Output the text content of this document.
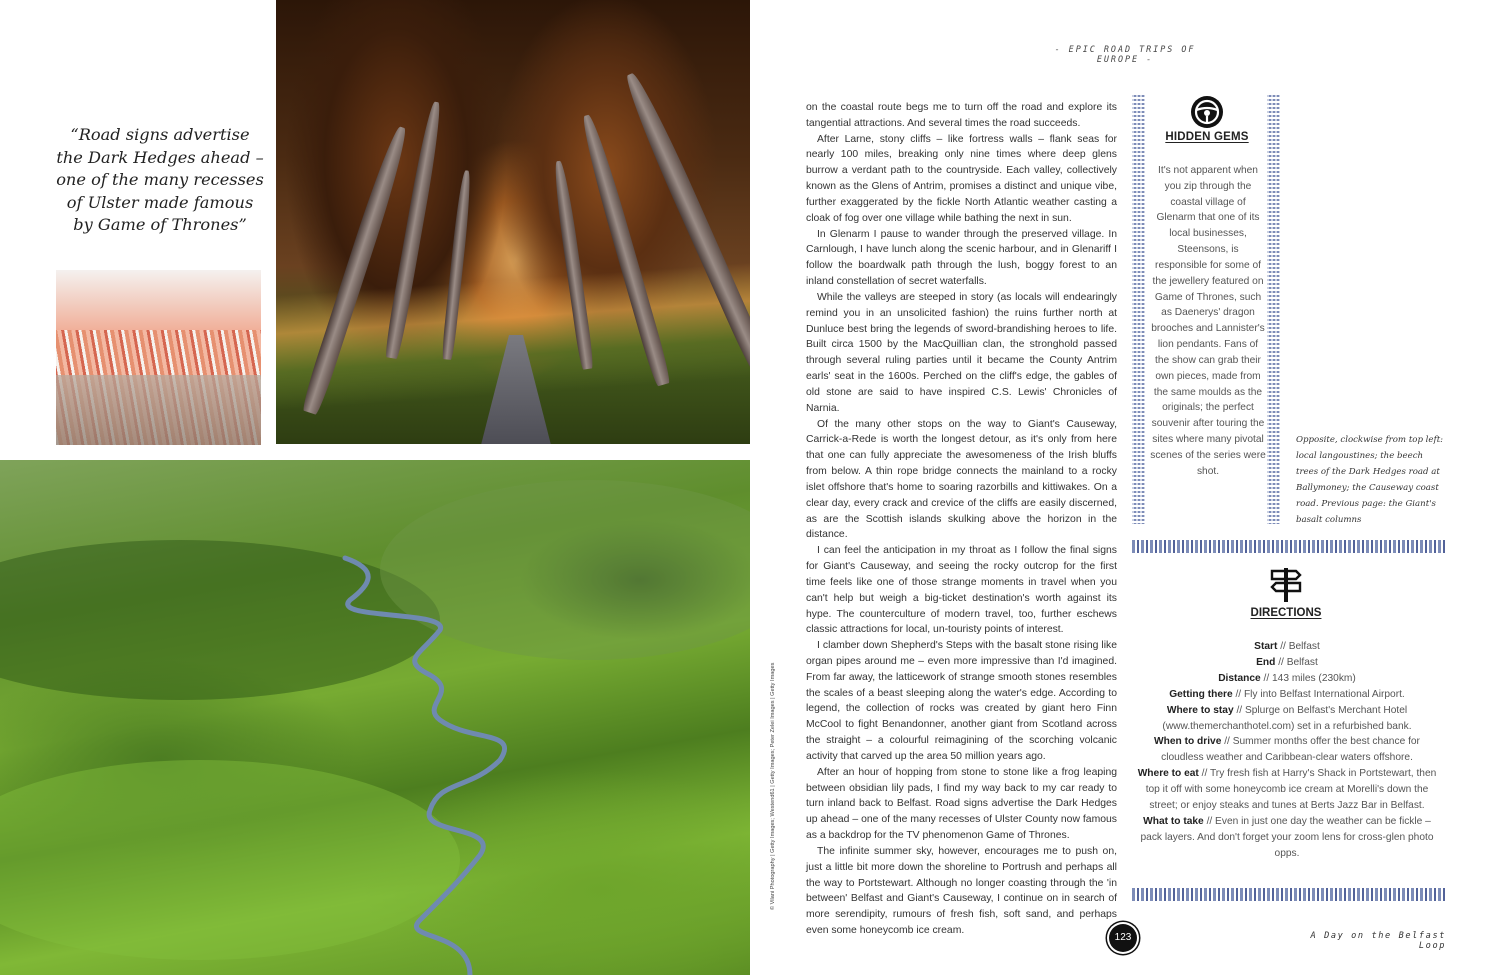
“Road signs advertise the Dark Hedges ahead – one of the many recesses of Ulster made famous by Game of Thrones”
© Vilani Photography | Getty Images; Westend61 | Getty Images; Peter Zelei Images | Getty Images
- EPIC ROAD TRIPS OF EUROPE -

on the coastal route begs me to turn off the road and explore its tangential attractions. And several times the road succeeds.

After Larne, stony cliffs – like fortress walls – flank seas for nearly 100 miles, breaking only nine times where deep glens burrow a verdant path to the countryside. Each valley, collectively known as the Glens of Antrim, promises a distinct and unique vibe, further exaggerated by the fickle North Atlantic weather casting a cloak of fog over one village while bathing the next in sun.

In Glenarm I pause to wander through the preserved village. In Carnlough, I have lunch along the scenic harbour, and in Glenariff I follow the boardwalk path through the lush, boggy forest to an inland constellation of secret waterfalls.

While the valleys are steeped in story (as locals will endearingly remind you in an unsolicited fashion) the ruins further north at Dunluce best bring the legends of sword-brandishing heroes to life. Built circa 1500 by the MacQuillian clan, the stronghold passed through several ruling parties until it became the County Antrim earls' seat in the 1600s. Perched on the cliff's edge, the gables of old stone are said to have inspired C.S. Lewis' Chronicles of Narnia.

Of the many other stops on the way to Giant's Causeway, Carrick-a-Rede is worth the longest detour, as it's only from here that one can fully appreciate the awesomeness of the Irish bluffs from below. A thin rope bridge connects the mainland to a rocky islet offshore that's home to soaring razorbills and kittiwakes. On a clear day, every crack and crevice of the cliffs are easily discerned, as are the Scottish islands skulking above the horizon in the distance.

I can feel the anticipation in my throat as I follow the final signs for Giant's Causeway, and seeing the rocky outcrop for the first time feels like one of those strange moments in travel when you can't help but weigh a big-ticket destination's worth against its hype. The counterculture of modern travel, too, further eschews classic attractions for local, un-touristy points of interest.

I clamber down Shepherd's Steps with the basalt stone rising like organ pipes around me – even more impressive than I'd imagined. From far away, the latticework of strange smooth stones resembles the scales of a beast sleeping along the water's edge. According to legend, the collection of rocks was created by giant hero Finn McCool to fight Benandonner, another giant from Scotland across the straight – a colourful reimagining of the scorching volcanic activity that carved up the area 50 million years ago.

After an hour of hopping from stone to stone like a frog leaping between obsidian lily pads, I find my way back to my car ready to turn inland back to Belfast. Road signs advertise the Dark Hedges up ahead – one of the many recesses of Ulster County now famous as a backdrop for the TV phenomenon Game of Thrones.

The infinite summer sky, however, encourages me to push on, just a little bit more down the shoreline to Portrush and perhaps all the way to Portstewart. Although no longer coasting through the 'in between' Belfast and Giant's Causeway, I continue on in search of more serendipity, rumours of fresh fish, soft sand, and perhaps even some honeycomb ice cream.

HIDDEN GEMS
It's not apparent when you zip through the coastal village of Glenarm that one of its local businesses, Steensons, is responsible for some of the jewellery featured on Game of Thrones, such as Daenerys' dragon brooches and Lannister's lion pendants. Fans of the show can grab their own pieces, made from the same moulds as the originals; the perfect souvenir after touring the sites where many pivotal scenes of the series were shot.
Opposite, clockwise from top left: local langoustines; the beech trees of the Dark Hedges road at Ballymoney; the Causeway coast road. Previous page: the Giant's basalt columns
DIRECTIONS
Start // Belfast
End // Belfast
Distance // 143 miles (230km)
Getting there // Fly into Belfast International Airport.
Where to stay // Splurge on Belfast's Merchant Hotel (www.themerchanthotel.com) set in a refurbished bank.
When to drive // Summer months offer the best chance for cloudless weather and Caribbean-clear waters offshore.
Where to eat // Try fresh fish at Harry's Shack in Portstewart, then top it off with some honeycomb ice cream at Morelli's down the street; or enjoy steaks and tunes at Berts Jazz Bar in Belfast.
What to take // Even in just one day the weather can be fickle – pack layers. And don't forget your zoom lens for cross-glen photo opps.
123	A Day on the Belfast Loop
